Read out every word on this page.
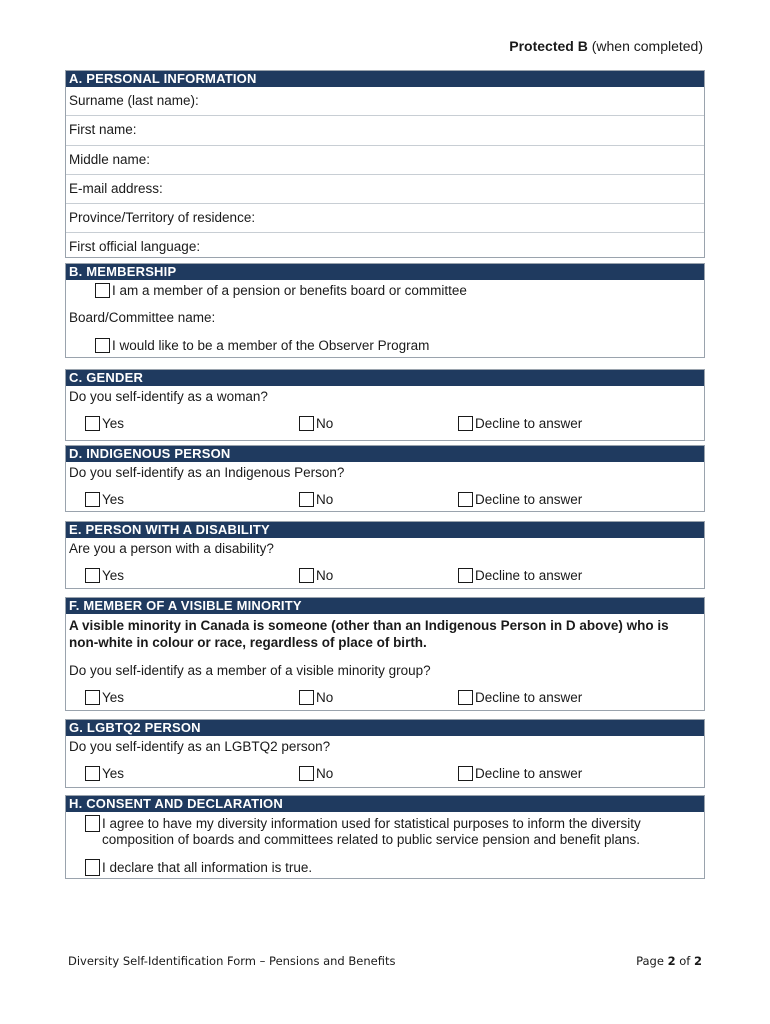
Protected B (when completed)
A. PERSONAL INFORMATION
Surname (last name):
First name:
Middle name:
E-mail address:
Province/Territory of residence:
First official language:
B. MEMBERSHIP
I am a member of a pension or benefits board or committee
Board/Committee name:
I would like to be a member of the Observer Program
C. GENDER
Do you self-identify as a woman?
Yes	No	Decline to answer
D. INDIGENOUS PERSON
Do you self-identify as an Indigenous Person?
Yes	No	Decline to answer
E. PERSON WITH A DISABILITY
Are you a person with a disability?
Yes	No	Decline to answer
F. MEMBER OF A VISIBLE MINORITY
A visible minority in Canada is someone (other than an Indigenous Person in D above) who is
non-white in colour or race, regardless of place of birth.
Do you self-identify as a member of a visible minority group?
Yes	No	Decline to answer
G. LGBTQ2 PERSON
Do you self-identify as an LGBTQ2 person?
Yes	No	Decline to answer
H. CONSENT AND DECLARATION
I agree to have my diversity information used for statistical purposes to inform the diversity
composition of boards and committees related to public service pension and benefit plans.
I declare that all information is true.
Diversity Self-Identification Form – Pensions and Benefits	Page 2 of 2
